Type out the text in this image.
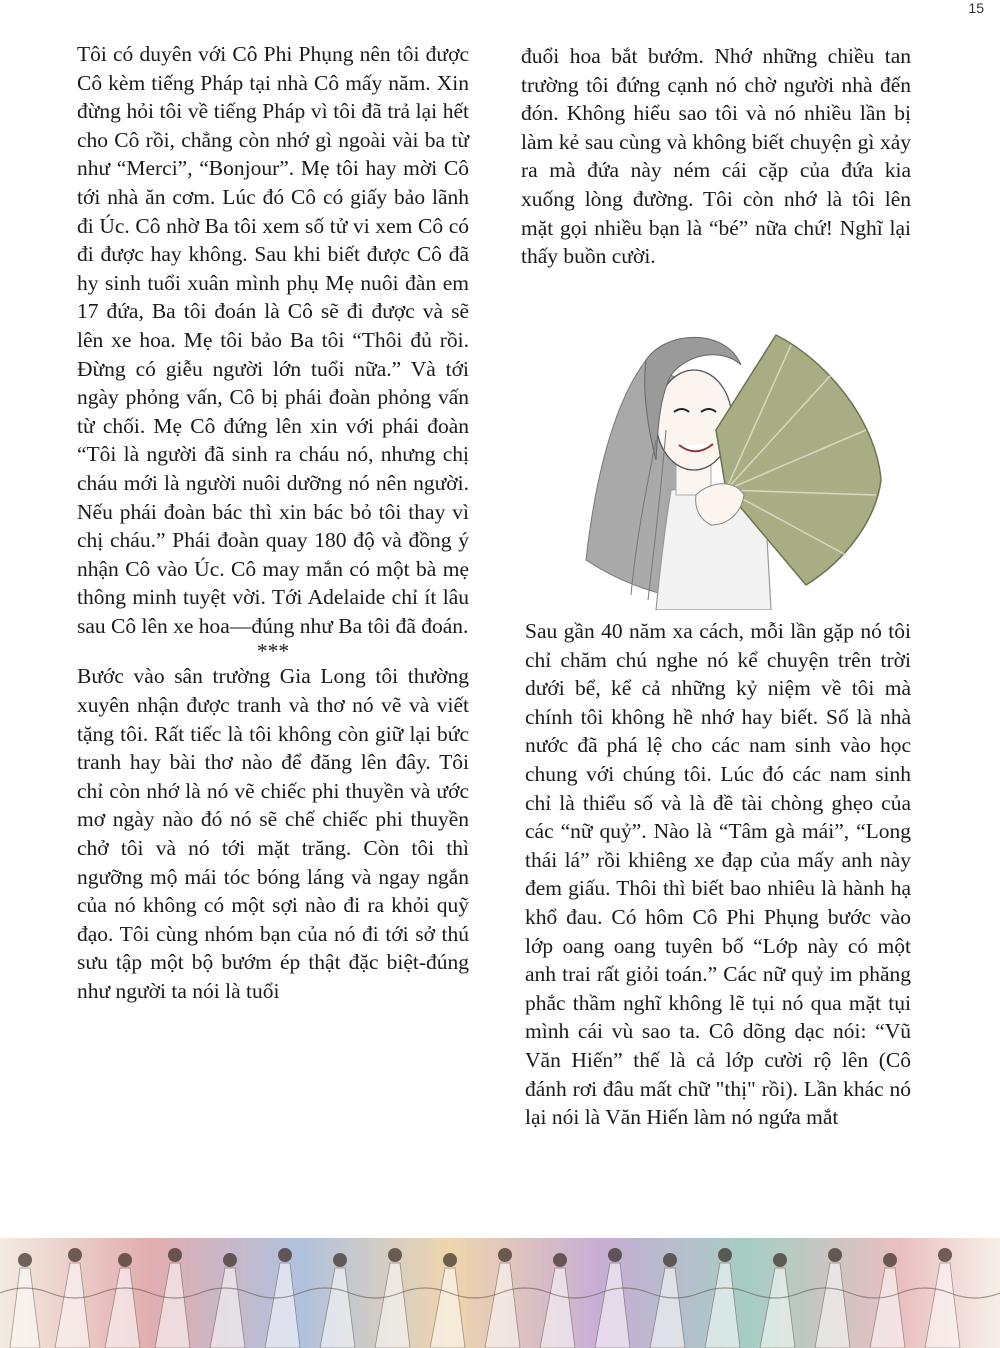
15

Tôi có duyên với Cô Phi Phụng nên tôi được Cô kèm tiếng Pháp tại nhà Cô mấy năm. Xin đừng hỏi tôi về tiếng Pháp vì tôi đã trả lại hết cho Cô rồi, chẳng còn nhớ gì ngoài vài ba từ như “Merci”, “Bonjour”. Mẹ tôi hay mời Cô tới nhà ăn cơm. Lúc đó Cô có giấy bảo lãnh đi Úc. Cô nhờ Ba tôi xem số tử vi xem Cô có đi được hay không. Sau khi biết được Cô đã hy sinh tuổi xuân mình phụ Mẹ nuôi đàn em 17 đứa, Ba tôi đoán là Cô sẽ đi được và sẽ lên xe hoa. Mẹ tôi bảo Ba tôi “Thôi đủ rồi. Đừng có giễu người lớn tuổi nữa.” Và tới ngày phỏng vấn, Cô bị phái đoàn phỏng vấn từ chối. Mẹ Cô đứng lên xin với phái đoàn “Tôi là người đã sinh ra cháu nó, nhưng chị cháu mới là người nuôi dưỡng nó nên người. Nếu phái đoàn bác thì xin bác bỏ tôi thay vì chị cháu.” Phái đoàn quay 180 độ và đồng ý nhận Cô vào Úc. Cô may mắn có một bà mẹ thông minh tuyệt vời. Tới Adelaide chỉ ít lâu sau Cô lên xe hoa—đúng như Ba tôi đã đoán.

***

Bước vào sân trường Gia Long tôi thường xuyên nhận được tranh và thơ nó vẽ và viết tặng tôi. Rất tiếc là tôi không còn giữ lại bức tranh hay bài thơ nào để đăng lên đây. Tôi chỉ còn nhớ là nó vẽ chiếc phi thuyền và ước mơ ngày nào đó nó sẽ chế chiếc phi thuyền chở tôi và nó tới mặt trăng. Còn tôi thì ngưỡng mộ mái tóc bóng láng và ngay ngắn của nó không có một sợi nào đi ra khỏi quỹ đạo. Tôi cùng nhóm bạn của nó đi tới sở thú sưu tập một bộ bướm ép thật đặc biệt-đúng như người ta nói là tuổi

đuổi hoa bắt bướm. Nhớ những chiều tan trường tôi đứng cạnh nó chờ người nhà đến đón. Không hiểu sao tôi và nó nhiều lần bị làm kẻ sau cùng và không biết chuyện gì xảy ra mà đứa này ném cái cặp của đứa kia xuống lòng đường. Tôi còn nhớ là tôi lên mặt gọi nhiều bạn là “bé” nữa chứ! Nghĩ lại thấy buồn cười.

Sau gần 40 năm xa cách, mỗi lần gặp nó tôi chỉ chăm chú nghe nó kể chuyện trên trời dưới bể, kể cả những kỷ niệm về tôi mà chính tôi không hề nhớ hay biết. Số là nhà nước đã phá lệ cho các nam sinh vào học chung với chúng tôi. Lúc đó các nam sinh chỉ là thiểu số và là đề tài chòng ghẹo của các “nữ quỷ”. Nào là “Tâm gà mái”, “Long thái lá” rồi khiêng xe đạp của mấy anh này đem giấu. Thôi thì biết bao nhiêu là hành hạ khổ đau. Có hôm Cô Phi Phụng bước vào lớp oang oang tuyên bố “Lớp này có một anh trai rất giỏi toán.” Các nữ quỷ im phăng phắc thầm nghĩ không lẽ tụi nó qua mặt tụi mình cái vù sao ta. Cô dõng dạc nói: “Vũ Văn Hiến” thế là cả lớp cười rộ lên (Cô đánh rơi đâu mất chữ "thị" rồi). Lần khác nó lại nói là Văn Hiến làm nó ngứa mắt
